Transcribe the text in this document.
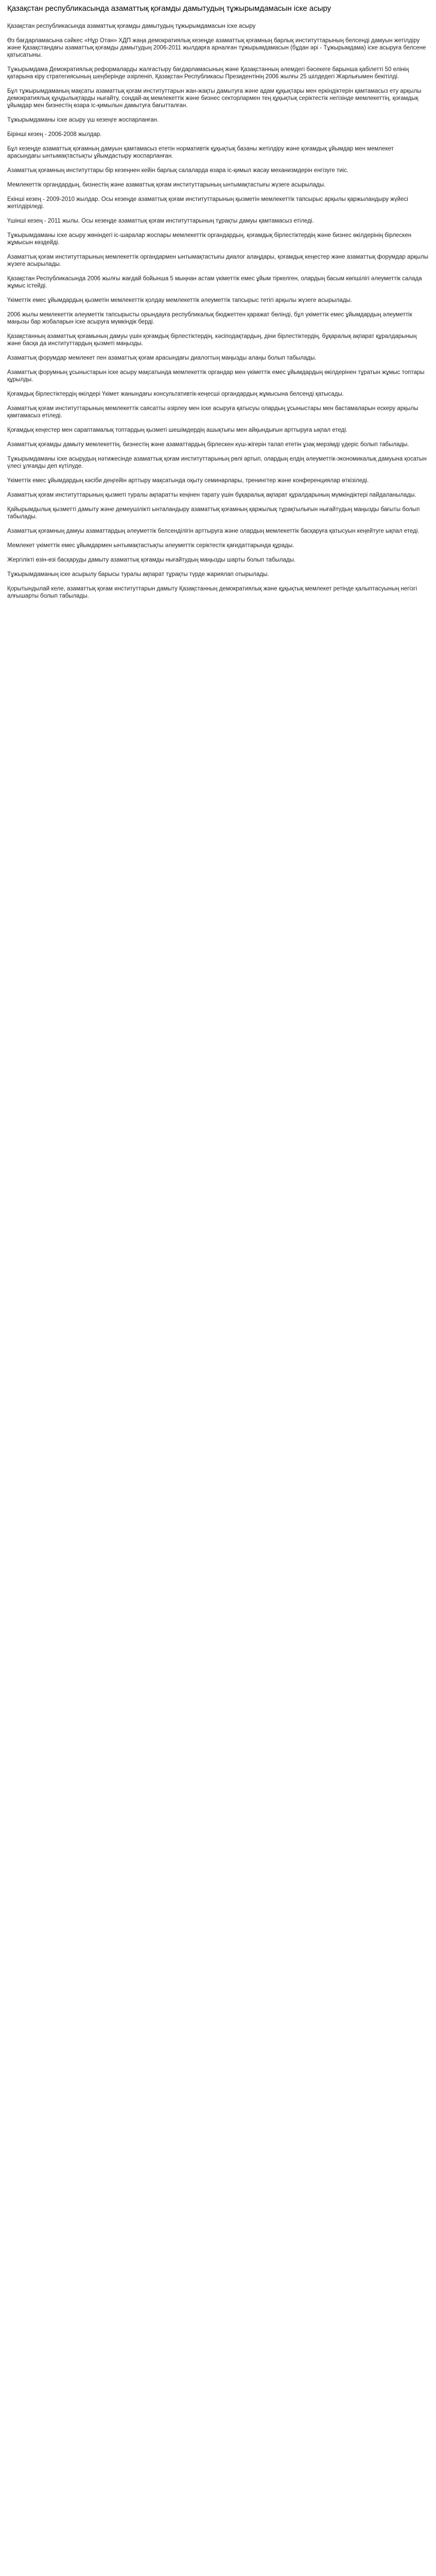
Қазақстан республикасында азаматтық қоғамды дамытудың тұжырымдамасын іске асыру

Қазақстан республикасында азаматтық қоғамды дамытудың тұжырымдамасын іске асыру

Өз бағдарламасына сәйкес «Нұр Отан» ХДП жаңа демократиялық кезеңде азаматтық қоғамның барлық институттарының белсенді дамуын жетілдіру және Қазақстандағы азаматтық қоғамды дамытудың 2006-2011 жылдарға арналған тұжырымдамасын (бұдан әрі - Тұжырымдама) іске асыруға белсене қатысатыны.

Тұжырымдама Демократиялық реформаларды жалғастыру бағдарламасының және Қазақстанның әлемдегі бәсекеге барынша қабілетті 50 елінің қатарына кіру стратегиясының шеңберінде әзірленіп, Қазақстан Республикасы Президентінің 2006 жылғы 25 шілдедегі Жарлығымен бекітілді.

Бұл тұжырымдаманың мақсаты азаматтық қоғам институттарын жан-жақты дамытуға және адам құқықтары мен еркіндіктерін қамтамасыз ету арқылы демократиялық құндылықтарды нығайту, сондай-ақ мемлекеттік және бизнес секторлармен тең құқықтық серіктестік негізінде мемлекеттің, қоғамдық ұйымдар мен бизнестің өзара іс-қимылын дамытуға бағытталған.

Тұжырымдаманы іске асыру үш кезеңге жоспарланған.

Бірінші кезең - 2006-2008 жылдар.

Бұл кезеңде азаматтық қоғамның дамуын қамтамасыз ететін нормативтік құқықтық базаны жетілдіру және қоғамдық ұйымдар мен мемлекет арасындағы ынтымақтастықты ұйымдастыру жоспарланған.

Азаматтық қоғамның институттары бір кезеңнен кейін барлық салаларда өзара іс-қимыл жасау механизмдерін енгізуге тиіс.

Мемлекеттік органдардың, бизнестің және азаматтық қоғам институттарының ынтымақтастығы жүзеге асырылады.

Екінші кезең - 2009-2010 жылдар. Осы кезеңде азаматтық қоғам институттарының қызметін мемлекеттік тапсырыс арқылы қаржыландыру жүйесі жетілдіріледі.

Үшінші кезең - 2011 жылы. Осы кезеңде азаматтық қоғам институттарының тұрақты дамуы қамтамасыз етіледі.

Тұжырымдаманы іске асыру жөніндегі іс-шаралар жоспары мемлекеттік органдардың, қоғамдық бірлестіктердің және бизнес өкілдерінің бірлескен жұмысын көздейді.

Азаматтық қоғам институттарының мемлекеттік органдармен ынтымақтастығы диалог алаңдары, қоғамдық кеңестер және азаматтық форумдар арқылы жүзеге асырылады.

Қазақстан Республикасында 2006 жылғы жағдай бойынша 5 мыңнан астам үкіметтік емес ұйым тіркелген, олардың басым көпшілігі әлеуметтік салада жұмыс істейді.

Үкіметтік емес ұйымдардың қызметін мемлекеттік қолдау мемлекеттік әлеуметтік тапсырыс тетігі арқылы жүзеге асырылады.

2006 жылы мемлекеттік әлеуметтік тапсырысты орындауға республикалық бюджеттен қаражат бөлінді, бұл үкіметтік емес ұйымдардың әлеуметтік маңызы бар жобаларын іске асыруға мүмкіндік берді.

Қазақстанның азаматтық қоғамының дамуы үшін қоғамдық бірлестіктердің, кәсіподақтардың, діни бірлестіктердің, бұқаралық ақпарат құралдарының және басқа да институттардың қызметі маңызды.

Азаматтық форумдар мемлекет пен азаматтық қоғам арасындағы диалогтың маңызды алаңы болып табылады.

Азаматтық форумның ұсыныстарын іске асыру мақсатында мемлекеттік органдар мен үкіметтік емес ұйымдардың өкілдерінен тұратын жұмыс топтары құрылды.

Қоғамдық бірлестіктердің өкілдері Үкімет жанындағы консультативтік-кеңесші органдардың жұмысына белсенді қатысады.

Азаматтық қоғам институттарының мемлекеттік саясатты әзірлеу мен іске асыруға қатысуы олардың ұсыныстары мен бастамаларын ескеру арқылы қамтамасыз етіледі.

Қоғамдық кеңестер мен сараптамалық топтардың қызметі шешімдердің ашықтығы мен айқындығын арттыруға ықпал етеді.

Азаматтық қоғамды дамыту мемлекеттің, бизнестің және азаматтардың бірлескен күш-жігерін талап ететін ұзақ мерзімді үдеріс болып табылады.

Тұжырымдаманы іске асырудың нәтижесінде азаматтық қоғам институттарының рөлі артып, олардың елдің әлеуметтік-экономикалық дамуына қосатын үлесі ұлғаяды деп күтілуде.

Үкіметтік емес ұйымдардың кәсіби деңгейін арттыру мақсатында оқыту семинарлары, тренингтер және конференциялар өткізіледі.

Азаматтық қоғам институттарының қызметі туралы ақпаратты кеңінен тарату үшін бұқаралық ақпарат құралдарының мүмкіндіктері пайдаланылады.

Қайырымдылық қызметті дамыту және демеушілікті ынталандыру азаматтық қоғамның қаржылық тұрақтылығын нығайтудың маңызды бағыты болып табылады.

Азаматтық қоғамның дамуы азаматтардың әлеуметтік белсенділігін арттыруға және олардың мемлекеттік басқаруға қатысуын кеңейтуге ықпал етеді.

Мемлекет үкіметтік емес ұйымдармен ынтымақтастықты әлеуметтік серіктестік қағидаттарында құрады.

Жергілікті өзін-өзі басқаруды дамыту азаматтық қоғамды нығайтудың маңызды шарты болып табылады.

Тұжырымдаманың іске асырылу барысы туралы ақпарат тұрақты түрде жариялап отырылады.

Қорытындылай келе, азаматтық қоғам институттарын дамыту Қазақстанның демократиялық және құқықтық мемлекет ретінде қалыптасуының негізгі алғышарты болып табылады.
